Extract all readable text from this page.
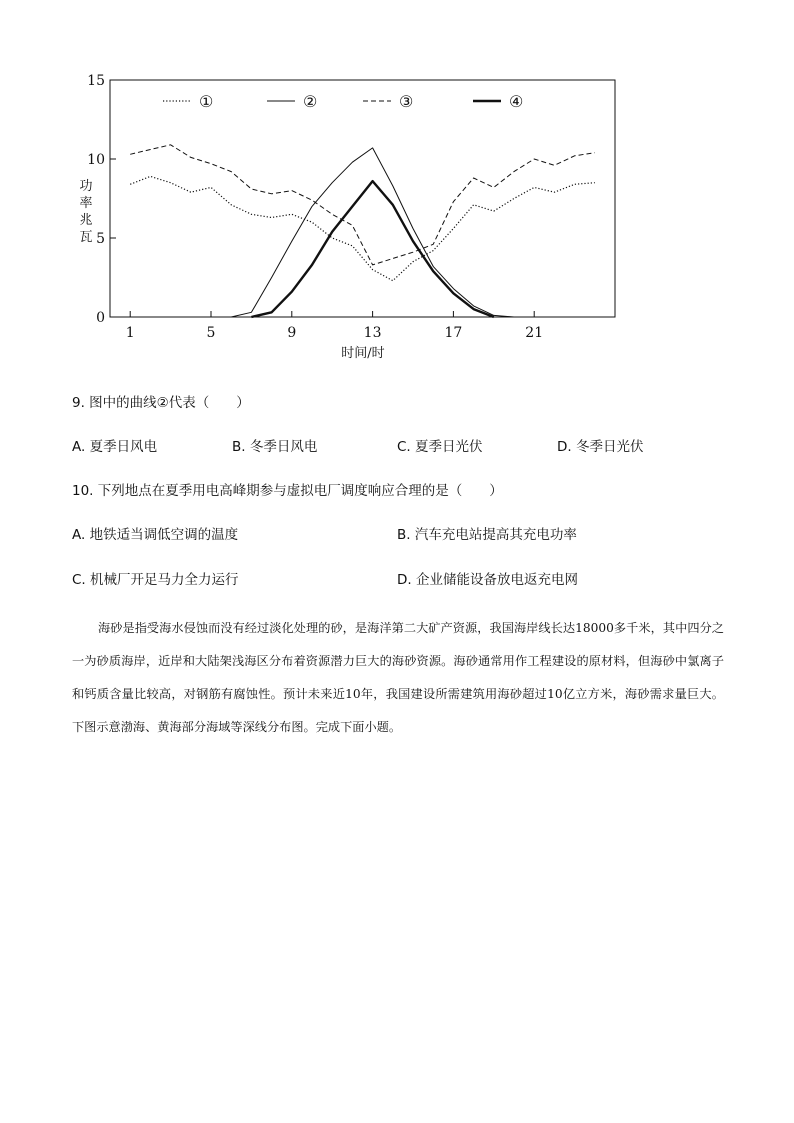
0
5
10
15
1	5	9	13	17	21
①	②	③	④
功率兆瓦
时间/时
9. 图中的曲线②代表（　　）
A. 夏季日风电	B. 冬季日风电	C. 夏季日光伏	D. 冬季日光伏
10. 下列地点在夏季用电高峰期参与虚拟电厂调度响应合理的是（　　）
A. 地铁适当调低空调的温度	B. 汽车充电站提高其充电功率
C. 机械厂开足马力全力运行	D. 企业储能设备放电返充电网
海砂是指受海水侵蚀而没有经过淡化处理的砂，是海洋第二大矿产资源，我国海岸线长达18000多千米，其中四分之一为砂质海岸，近岸和大陆架浅海区分布着资源潜力巨大的海砂资源。海砂通常用作工程建设的原材料，但海砂中氯离子和钙质含量比较高，对钢筋有腐蚀性。预计未来近10年，我国建设所需建筑用海砂超过10亿立方米，海砂需求量巨大。下图示意渤海、黄海部分海域等深线分布图。完成下面小题。
